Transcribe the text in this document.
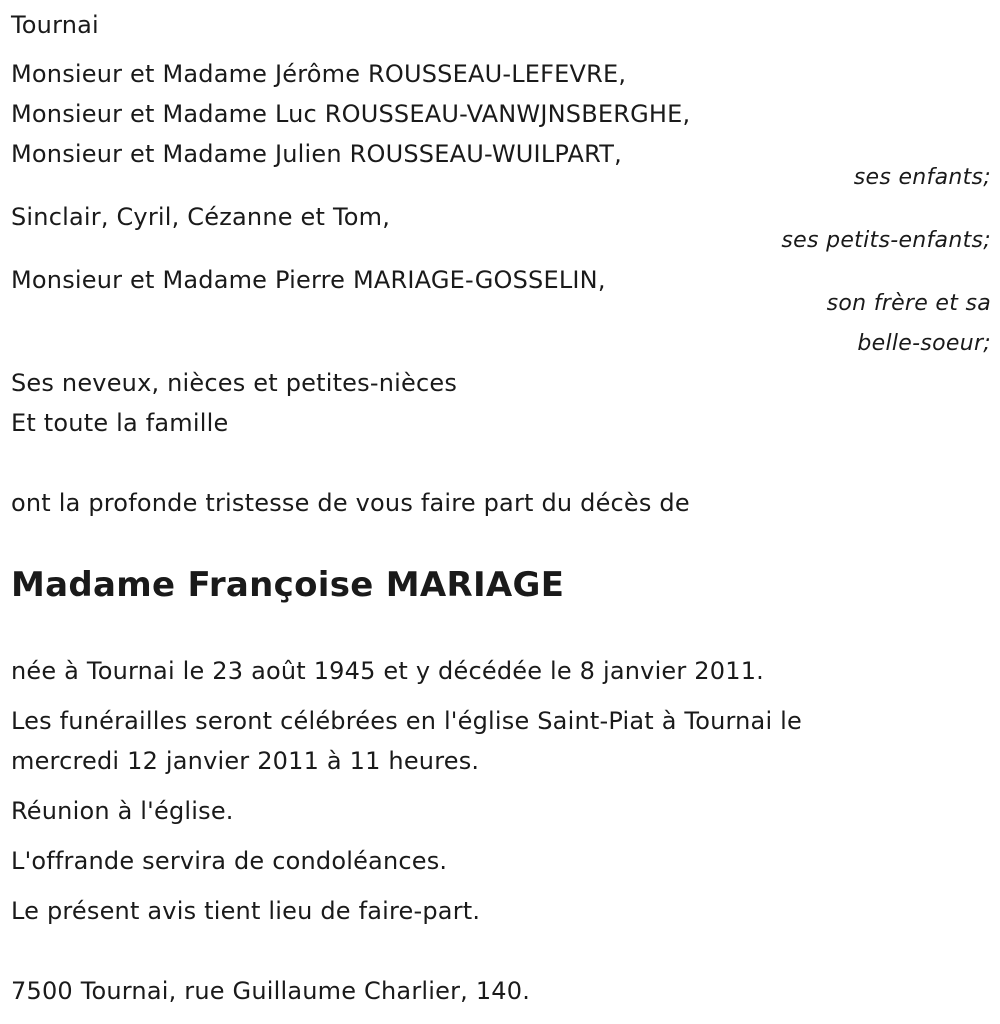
Tournai
Monsieur et Madame Jérôme ROUSSEAU-LEFEVRE,
Monsieur et Madame Luc ROUSSEAU-VANWJNSBERGHE,
Monsieur et Madame Julien ROUSSEAU-WUILPART,
ses enfants;
Sinclair, Cyril, Cézanne et Tom,
ses petits-enfants;
Monsieur et Madame Pierre MARIAGE-GOSSELIN,
son frère et sa
belle-soeur;
Ses neveux, nièces et petites-nièces
Et toute la famille
ont la profonde tristesse de vous faire part du décès de
Madame Françoise MARIAGE
née à Tournai le 23 août 1945 et y décédée le 8 janvier 2011.
Les funérailles seront célébrées en l'église Saint-Piat à Tournai le
mercredi 12 janvier 2011 à 11 heures.
Réunion à l'église.
L'offrande servira de condoléances.
Le présent avis tient lieu de faire-part.
7500 Tournai, rue Guillaume Charlier, 140.
